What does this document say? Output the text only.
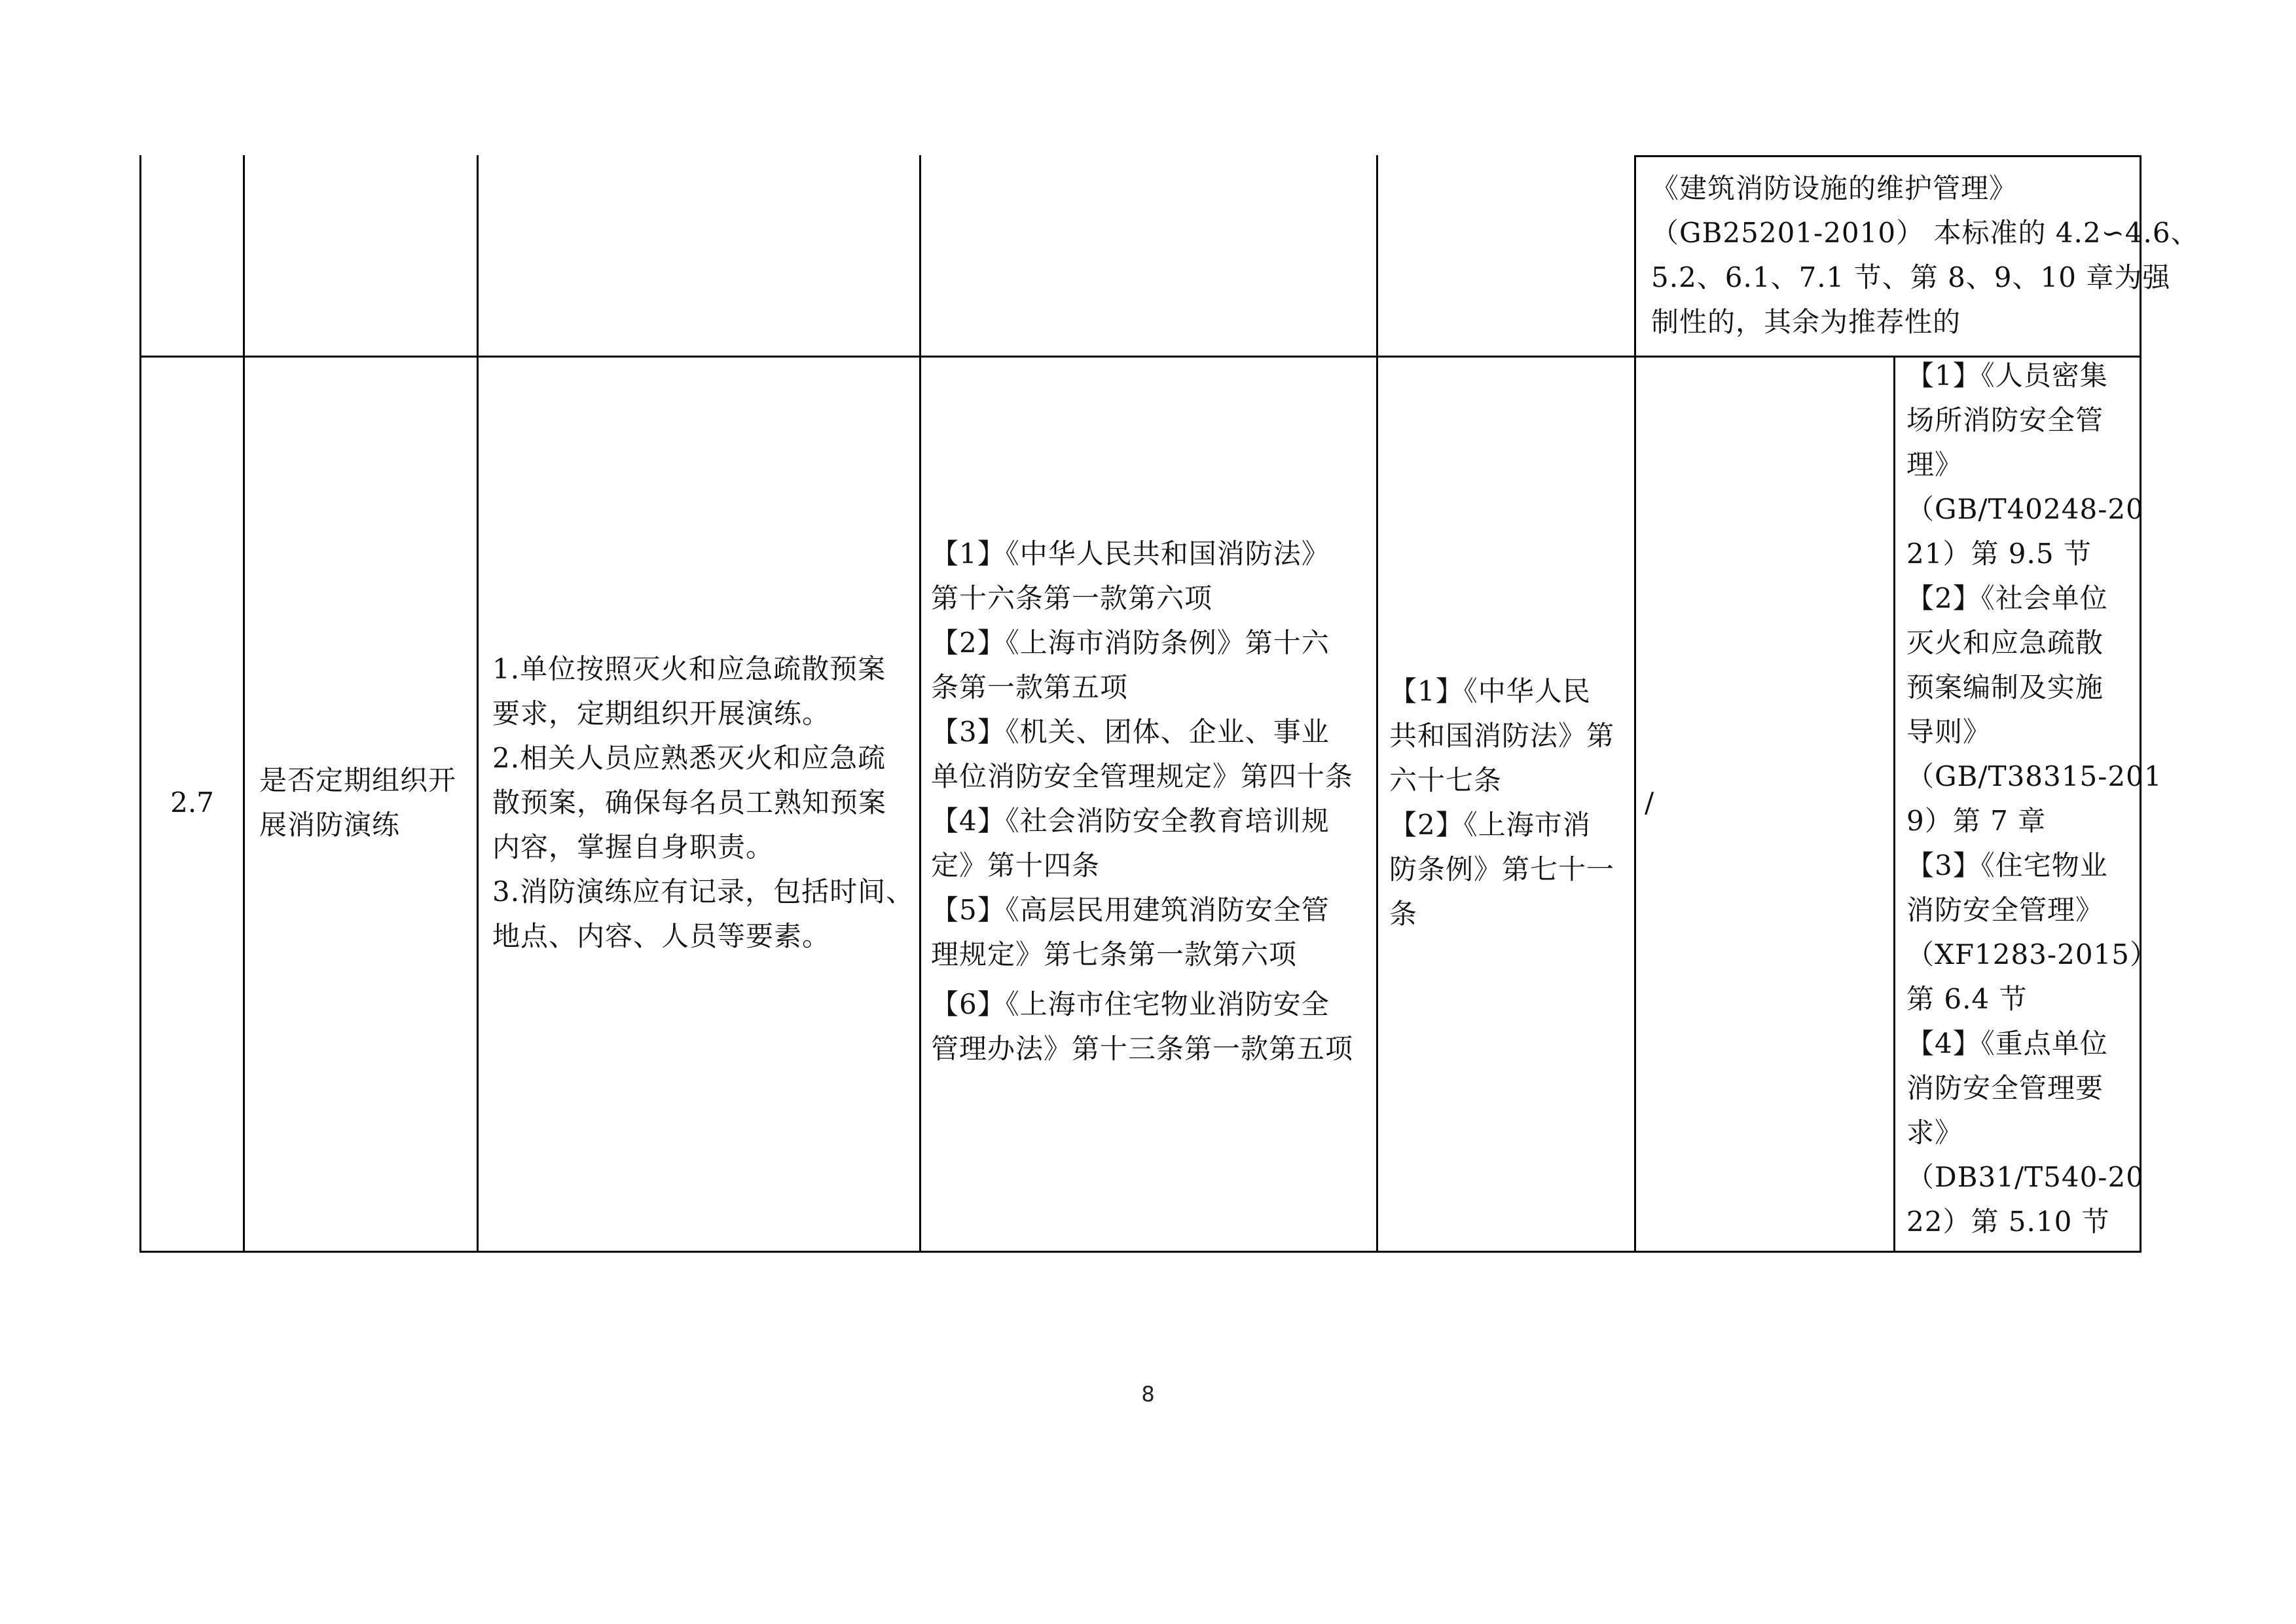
《建筑消防设施的维护管理》
（GB25201-2010） 本标准的 4.2∽4.6、
5.2、6.1、7.1 节、第 8、9、10 章为强
制性的，其余为推荐性的
2.7
是否定期组织开
展消防演练
1.单位按照灭火和应急疏散预案
要求，定期组织开展演练。
2.相关人员应熟悉灭火和应急疏
散预案，确保每名员工熟知预案
内容，掌握自身职责。
3.消防演练应有记录，包括时间、
地点、内容、人员等要素。
【1】《中华人民共和国消防法》
第十六条第一款第六项
【2】《上海市消防条例》第十六
条第一款第五项
【3】《机关、团体、企业、事业
单位消防安全管理规定》第四十条
【4】《社会消防安全教育培训规
定》第十四条
【5】《高层民用建筑消防安全管
理规定》第七条第一款第六项
【6】《上海市住宅物业消防安全
管理办法》第十三条第一款第五项
【1】《中华人民
共和国消防法》第
六十七条
【2】《上海市消
防条例》第七十一
条
/
【1】《人员密集
场所消防安全管
理》
（GB/T40248-20
21）第 9.5 节
【2】《社会单位
灭火和应急疏散
预案编制及实施
导则》
（GB/T38315-201
9）第 7 章
【3】《住宅物业
消防安全管理》
（XF1283-2015）
第 6.4 节
【4】《重点单位
消防安全管理要
求》
（DB31/T540-20
22）第 5.10 节
8
